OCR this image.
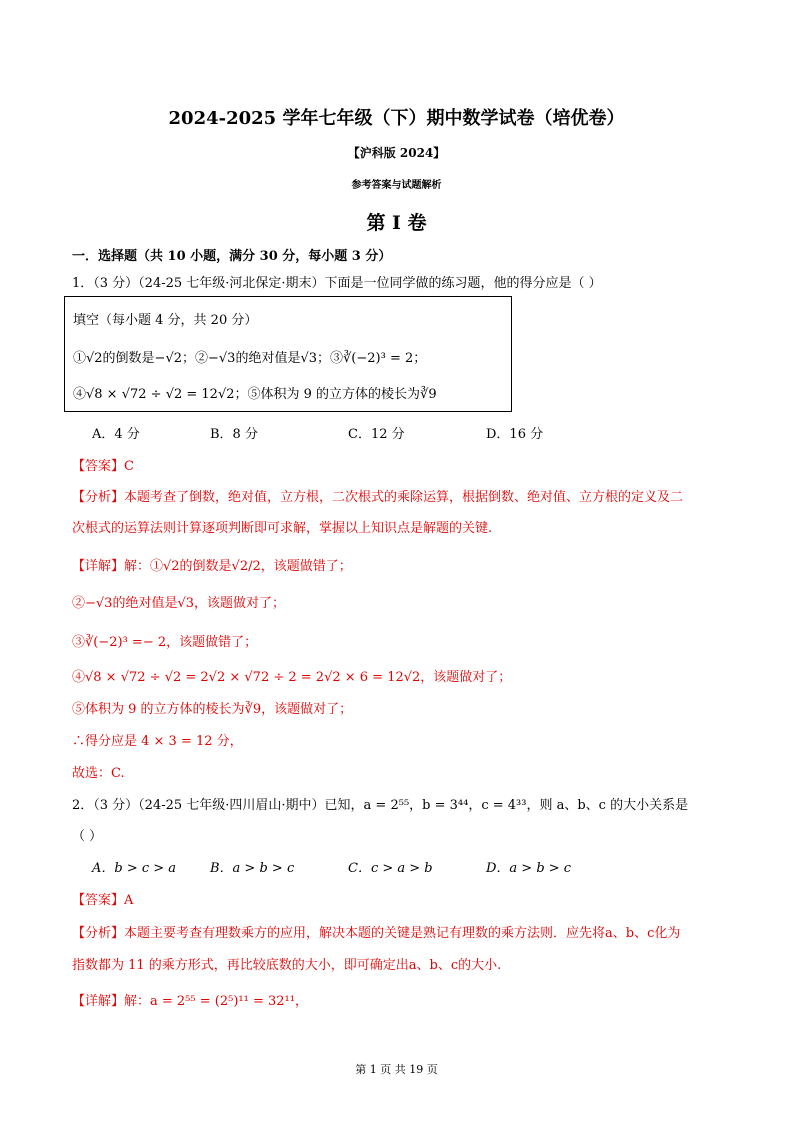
2024-2025 学年七年级（下）期中数学试卷（培优卷）
【沪科版 2024】
参考答案与试题解析
第 I 卷
一．选择题（共 10 小题，满分 30 分，每小题 3 分）
1．（3 分）（24-25 七年级·河北保定·期末）下面是一位同学做的练习题，他的得分应是（ ）
填空（每小题 4 分，共 20 分）
①√2的倒数是−√2；②−√3的绝对值是√3；③∛(−2)³ = 2；
④√8 × √72 ÷ √2 = 12√2；⑤体积为 9 的立方体的棱长为∛9
A．4 分	B．8 分	C．12 分	D．16 分
【答案】C
【分析】本题考查了倒数，绝对值，立方根，二次根式的乘除运算，根据倒数、绝对值、立方根的定义及二
次根式的运算法则计算逐项判断即可求解，掌握以上知识点是解题的关键.
【详解】解：①√2的倒数是√2/2，该题做错了；
②−√3的绝对值是√3，该题做对了；
③∛(−2)³ =− 2，该题做错了；
④√8 × √72 ÷ √2 = 2√2 × √72 ÷ 2 = 2√2 × 6 = 12√2，该题做对了；
⑤体积为 9 的立方体的棱长为∛9，该题做对了；
∴得分应是 4 × 3 = 12 分，
故选：C.
2．（3 分）（24-25 七年级·四川眉山·期中）已知，a = 2⁵⁵，b = 3⁴⁴，c = 4³³，则 a、b、c 的大小关系是
（ ）
A．b > c > a	B．a > b > c	C．c > a > b	D．a > b > c
【答案】A
【分析】本题主要考查有理数乘方的应用，解决本题的关键是熟记有理数的乘方法则．应先将a、b、c化为
指数都为 11 的乘方形式，再比较底数的大小，即可确定出a、b、c的大小.
【详解】解：a = 2⁵⁵ = (2⁵)¹¹ = 32¹¹，
第 1 页 共 19 页
